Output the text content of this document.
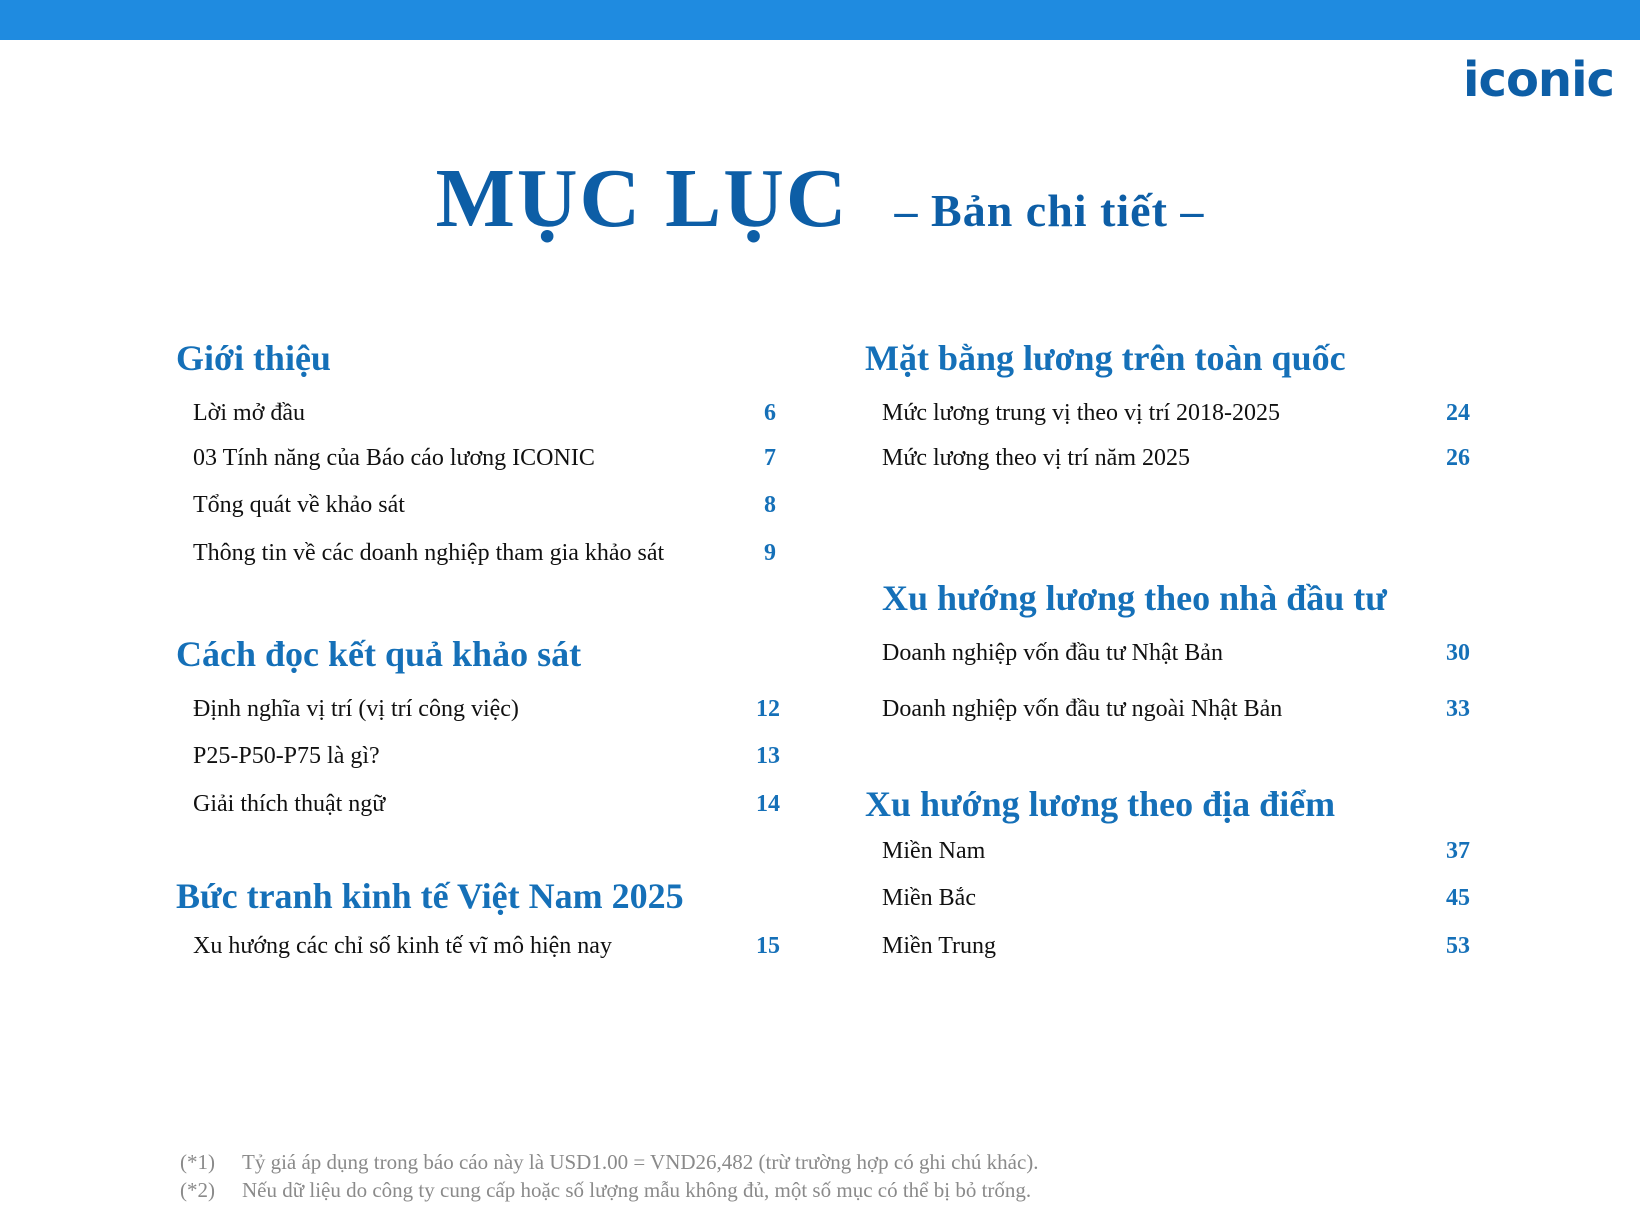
iconic
MỤC LỤC – Bản chi tiết –
Giới thiệu
Lời mở đầu	6
03 Tính năng của Báo cáo lương ICONIC	7
Tổng quát về khảo sát	8
Thông tin về các doanh nghiệp tham gia khảo sát	9
Cách đọc kết quả khảo sát
Định nghĩa vị trí (vị trí công việc)	12
P25-P50-P75 là gì?	13
Giải thích thuật ngữ	14
Bức tranh kinh tế Việt Nam 2025
Xu hướng các chỉ số kinh tế vĩ mô hiện nay	15
Mặt bằng lương trên toàn quốc
Mức lương trung vị theo vị trí 2018-2025	24
Mức lương theo vị trí năm 2025	26
Xu hướng lương theo nhà đầu tư
Doanh nghiệp vốn đầu tư Nhật Bản	30
Doanh nghiệp vốn đầu tư ngoài Nhật Bản	33
Xu hướng lương theo địa điểm
Miền Nam	37
Miền Bắc	45
Miền Trung	53
(*1) Tỷ giá áp dụng trong báo cáo này là USD1.00 = VND26,482 (trừ trường hợp có ghi chú khác).
(*2) Nếu dữ liệu do công ty cung cấp hoặc số lượng mẫu không đủ, một số mục có thể bị bỏ trống.
